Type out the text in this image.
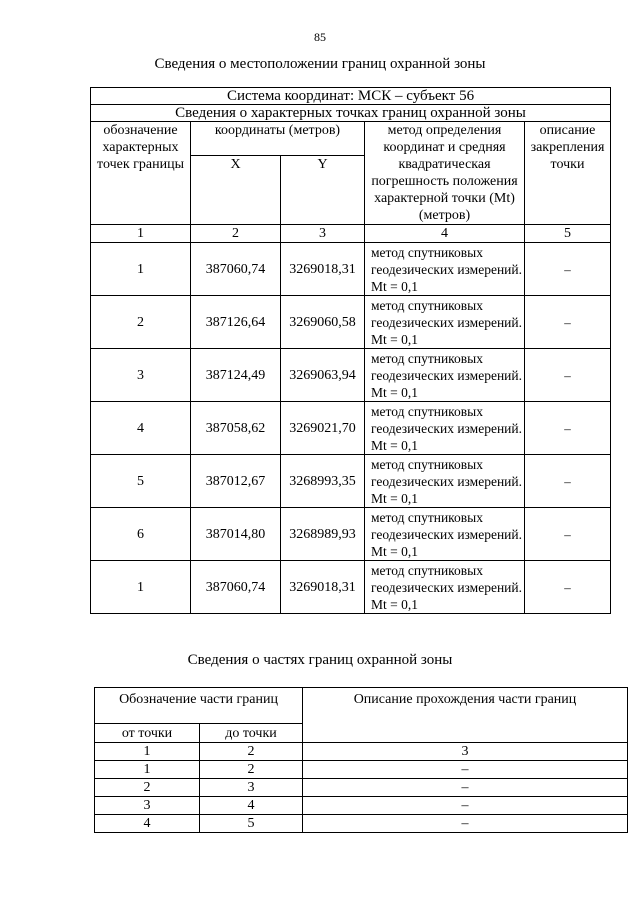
85
Сведения о местоположении границ охранной зоны
Система координат: МСК – субъект 56				
Сведения о характерных точках границ охранной зоны				
обозначение характерных точек границы	координаты (метров)		метод определения координат и средняя квадратическая погрешность положения характерной точки (Mt) (метров)	описание закрепления точки
	X	Y		
1	2	3	4	5
1	387060,74	3269018,31	метод спутниковых геодезических измерений. Mt = 0,1	–
2	387126,64	3269060,58	метод спутниковых геодезических измерений. Mt = 0,1	–
3	387124,49	3269063,94	метод спутниковых геодезических измерений. Mt = 0,1	–
4	387058,62	3269021,70	метод спутниковых геодезических измерений. Mt = 0,1	–
5	387012,67	3268993,35	метод спутниковых геодезических измерений. Mt = 0,1	–
6	387014,80	3268989,93	метод спутниковых геодезических измерений. Mt = 0,1	–
1	387060,74	3269018,31	метод спутниковых геодезических измерений. Mt = 0,1	–
Сведения о частях границ охранной зоны
Обозначение части границ		Описание прохождения части границ
от точки	до точки	
1	2	3
1	2	–
2	3	–
3	4	–
4	5	–
